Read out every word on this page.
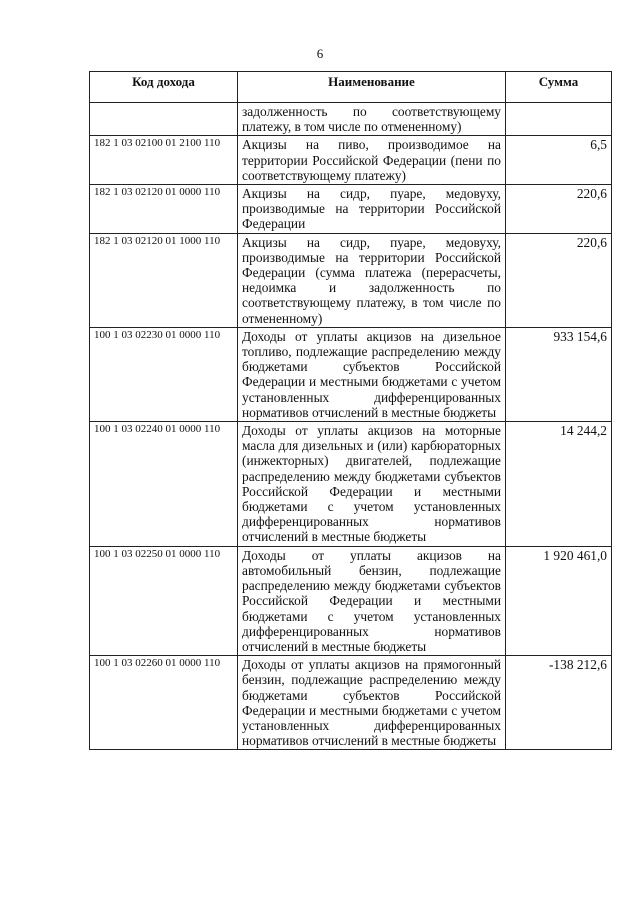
6
Код дохода	Наименование	Сумма
	задолженность по соответствующему платежу, в том числе по отмененному)	
182 1 03 02100 01 2100 110	Акцизы на пиво, производимое на территории Российской Федерации (пени по соответствующему платежу)	6,5
182 1 03 02120 01 0000 110	Акцизы на сидр, пуаре, медовуху, производимые на территории Российской Федерации	220,6
182 1 03 02120 01 1000 110	Акцизы на сидр, пуаре, медовуху, производимые на территории Российской Федерации (сумма платежа (перерасчеты, недоимка и задолженность по соответствующему платежу, в том числе по отмененному)	220,6
100 1 03 02230 01 0000 110	Доходы от уплаты акцизов на дизельное топливо, подлежащие распределению между бюджетами субъектов Российской Федерации и местными бюджетами с учетом установленных дифференцированных нормативов отчислений в местные бюджеты	933 154,6
100 1 03 02240 01 0000 110	Доходы от уплаты акцизов на моторные масла для дизельных и (или) карбюраторных (инжекторных) двигателей, подлежащие распределению между бюджетами субъектов Российской Федерации и местными бюджетами с учетом установленных дифференцированных нормативов отчислений в местные бюджеты	14 244,2
100 1 03 02250 01 0000 110	Доходы от уплаты акцизов на автомобильный бензин, подлежащие распределению между бюджетами субъектов Российской Федерации и местными бюджетами с учетом установленных дифференцированных нормативов отчислений в местные бюджеты	1 920 461,0
100 1 03 02260 01 0000 110	Доходы от уплаты акцизов на прямогонный бензин, подлежащие распределению между бюджетами субъектов Российской Федерации и местными бюджетами с учетом установленных дифференцированных нормативов отчислений в местные бюджеты	-138 212,6
